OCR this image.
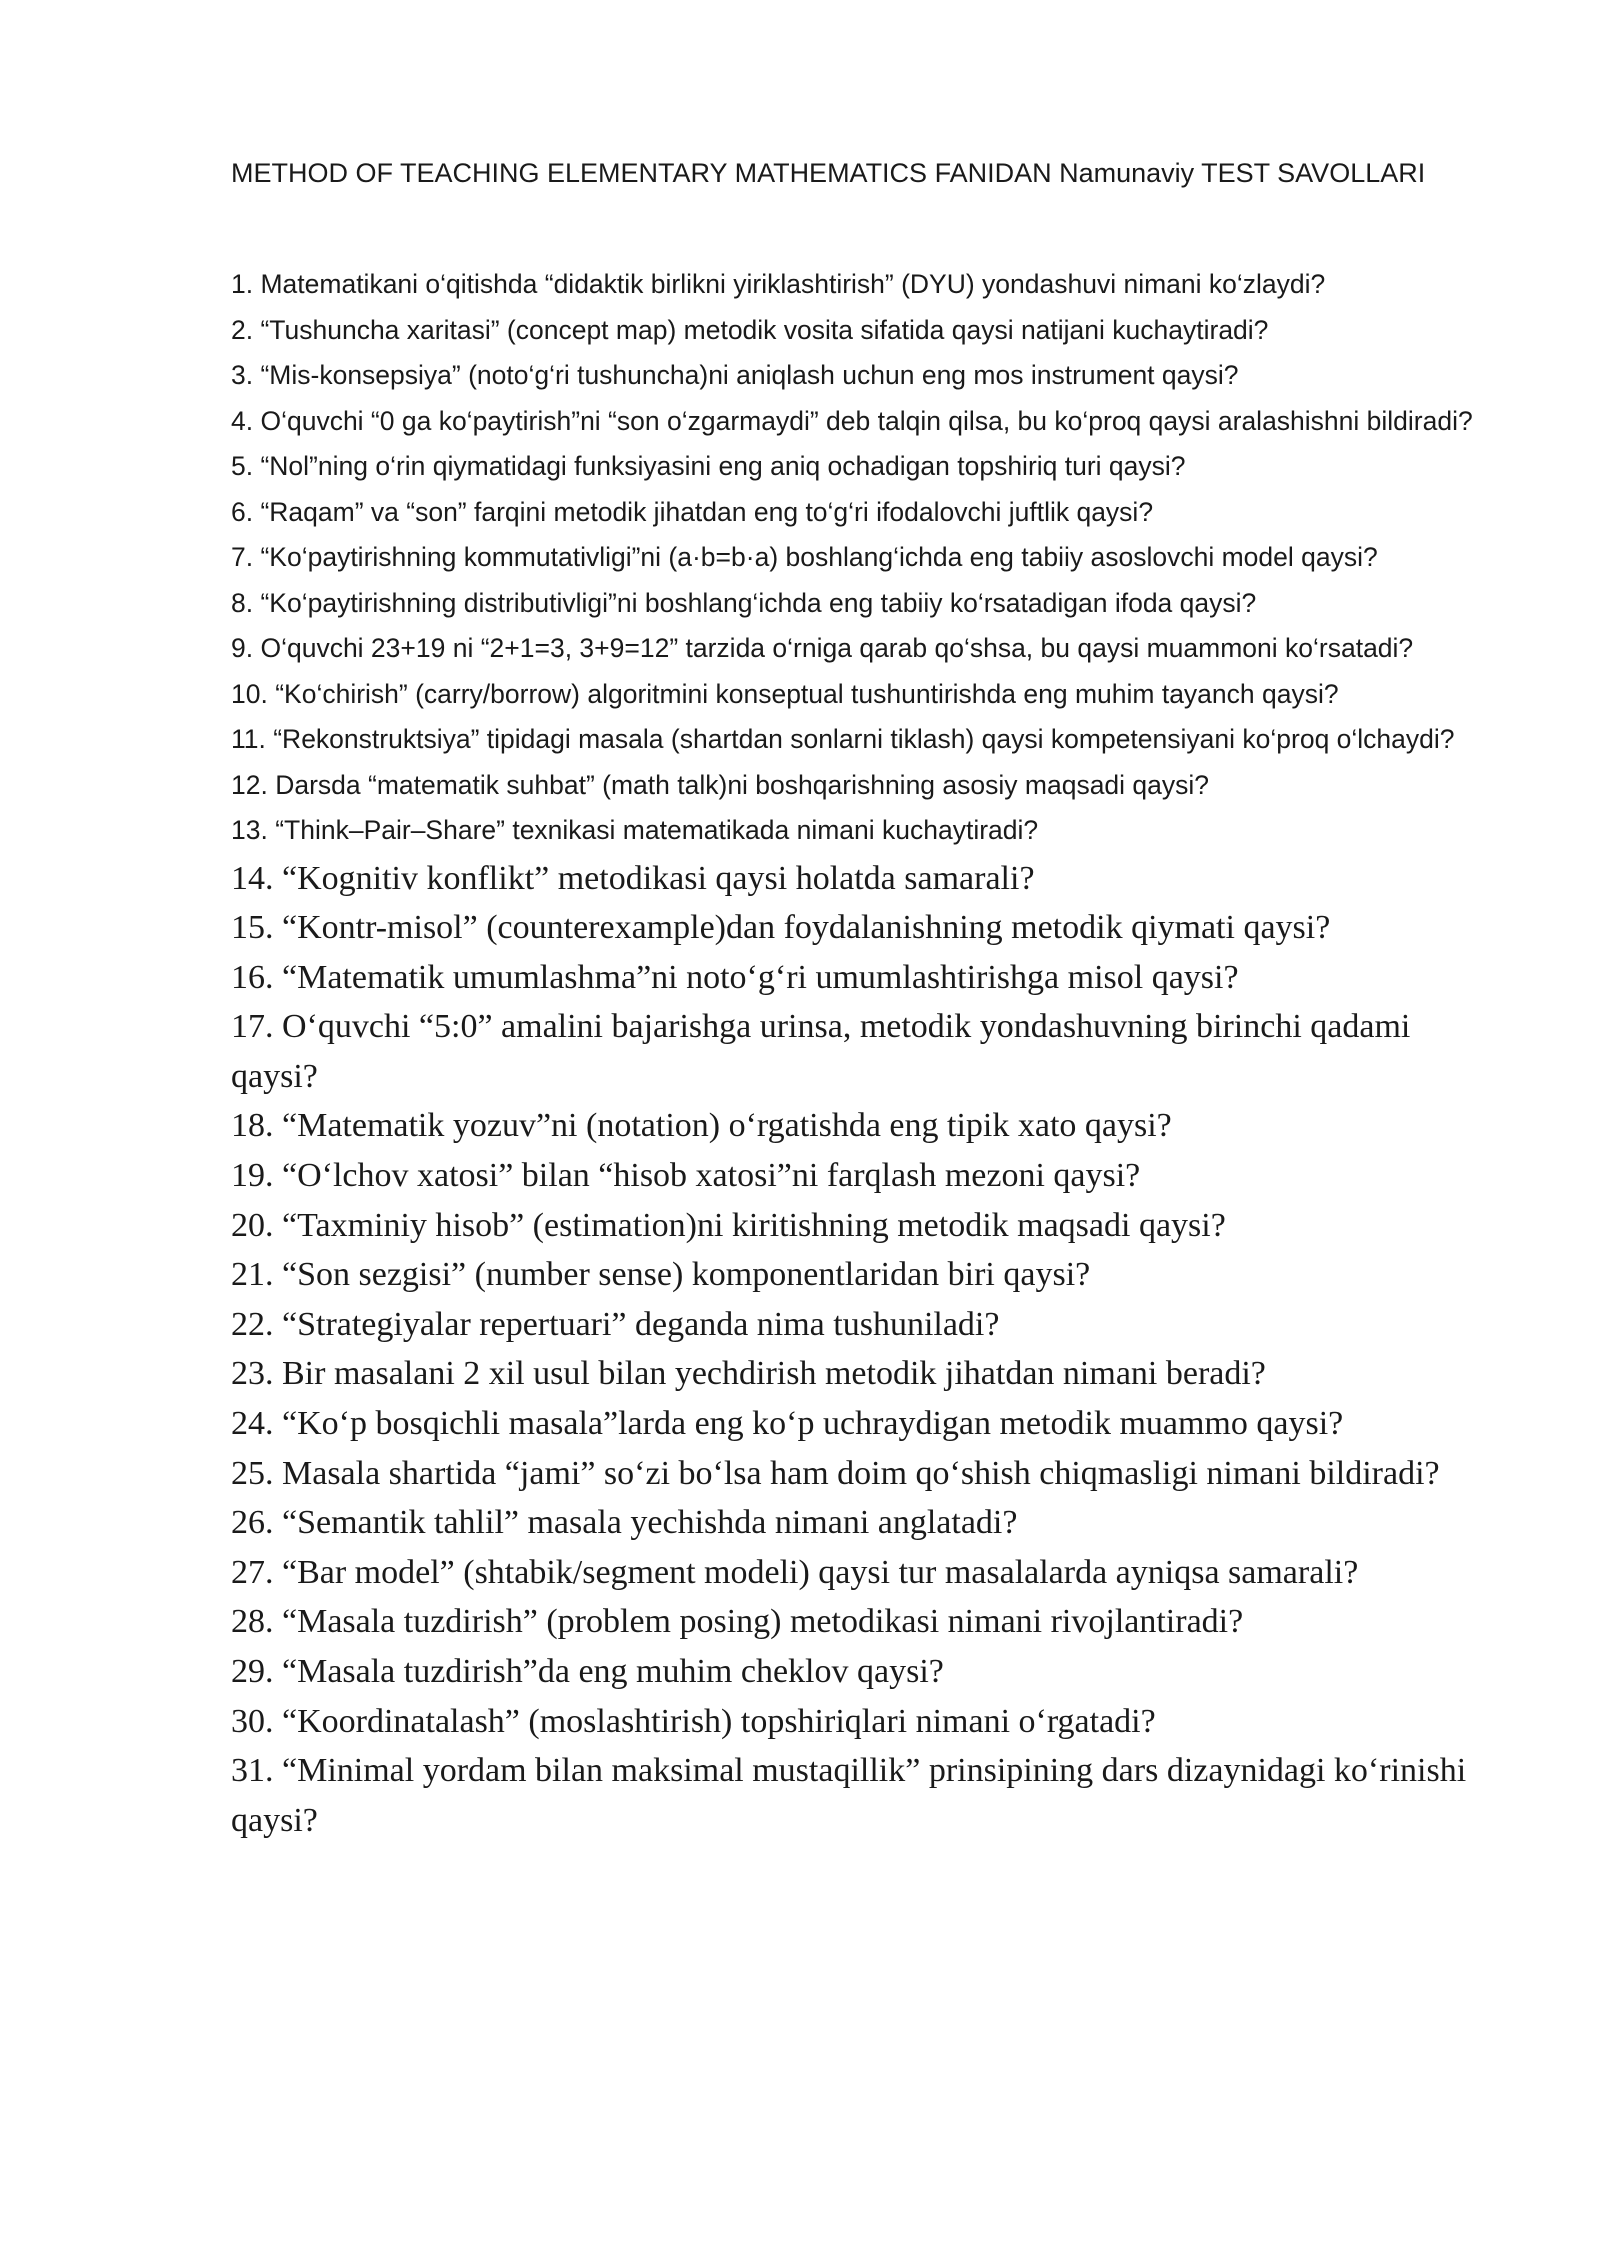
METHOD OF TEACHING ELEMENTARY MATHEMATICS FANIDAN Namunaviy TEST SAVOLLARI
1. Matematikani o‘qitishda “didaktik birlikni yiriklashtirish” (DYU) yondashuvi nimani ko‘zlaydi?
2. “Tushuncha xaritasi” (concept map) metodik vosita sifatida qaysi natijani kuchaytiradi?
3. “Mis-konsepsiya” (noto‘g‘ri tushuncha)ni aniqlash uchun eng mos instrument qaysi?
4. O‘quvchi “0 ga ko‘paytirish”ni “son o‘zgarmaydi” deb talqin qilsa, bu ko‘proq qaysi aralashishni bildiradi?
5. “Nol”ning o‘rin qiymatidagi funksiyasini eng aniq ochadigan topshiriq turi qaysi?
6. “Raqam” va “son” farqini metodik jihatdan eng to‘g‘ri ifodalovchi juftlik qaysi?
7. “Ko‘paytirishning kommutativligi”ni (a·b=b·a) boshlang‘ichda eng tabiiy asoslovchi model qaysi?
8. “Ko‘paytirishning distributivligi”ni boshlang‘ichda eng tabiiy ko‘rsatadigan ifoda qaysi?
9. O‘quvchi 23+19 ni “2+1=3, 3+9=12” tarzida o‘rniga qarab qo‘shsa, bu qaysi muammoni ko‘rsatadi?
10. “Ko‘chirish” (carry/borrow) algoritmini konseptual tushuntirishda eng muhim tayanch qaysi?
11. “Rekonstruktsiya” tipidagi masala (shartdan sonlarni tiklash) qaysi kompetensiyani ko‘proq o‘lchaydi?
12. Darsda “matematik suhbat” (math talk)ni boshqarishning asosiy maqsadi qaysi?
13. “Think–Pair–Share” texnikasi matematikada nimani kuchaytiradi?
14. “Kognitiv konflikt” metodikasi qaysi holatda samarali?
15. “Kontr-misol” (counterexample)dan foydalanishning metodik qiymati qaysi?
16. “Matematik umumlashma”ni noto‘g‘ri umumlashtirishga misol qaysi?
17. O‘quvchi “5:0” amalini bajarishga urinsa, metodik yondashuvning birinchi qadami qaysi?
18. “Matematik yozuv”ni (notation) o‘rgatishda eng tipik xato qaysi?
19. “O‘lchov xatosi” bilan “hisob xatosi”ni farqlash mezoni qaysi?
20. “Taxminiy hisob” (estimation)ni kiritishning metodik maqsadi qaysi?
21. “Son sezgisi” (number sense) komponentlaridan biri qaysi?
22. “Strategiyalar repertuari” deganda nima tushuniladi?
23. Bir masalani 2 xil usul bilan yechdirish metodik jihatdan nimani beradi?
24. “Ko‘p bosqichli masala”larda eng ko‘p uchraydigan metodik muammo qaysi?
25. Masala shartida “jami” so‘zi bo‘lsa ham doim qo‘shish chiqmasligi nimani bildiradi?
26. “Semantik tahlil” masala yechishda nimani anglatadi?
27. “Bar model” (shtabik/segment modeli) qaysi tur masalalarda ayniqsa samarali?
28. “Masala tuzdirish” (problem posing) metodikasi nimani rivojlantiradi?
29. “Masala tuzdirish”da eng muhim cheklov qaysi?
30. “Koordinatalash” (moslashtirish) topshiriqlari nimani o‘rgatadi?
31. “Minimal yordam bilan maksimal mustaqillik” prinsipining dars dizaynidagi ko‘rinishi qaysi?
